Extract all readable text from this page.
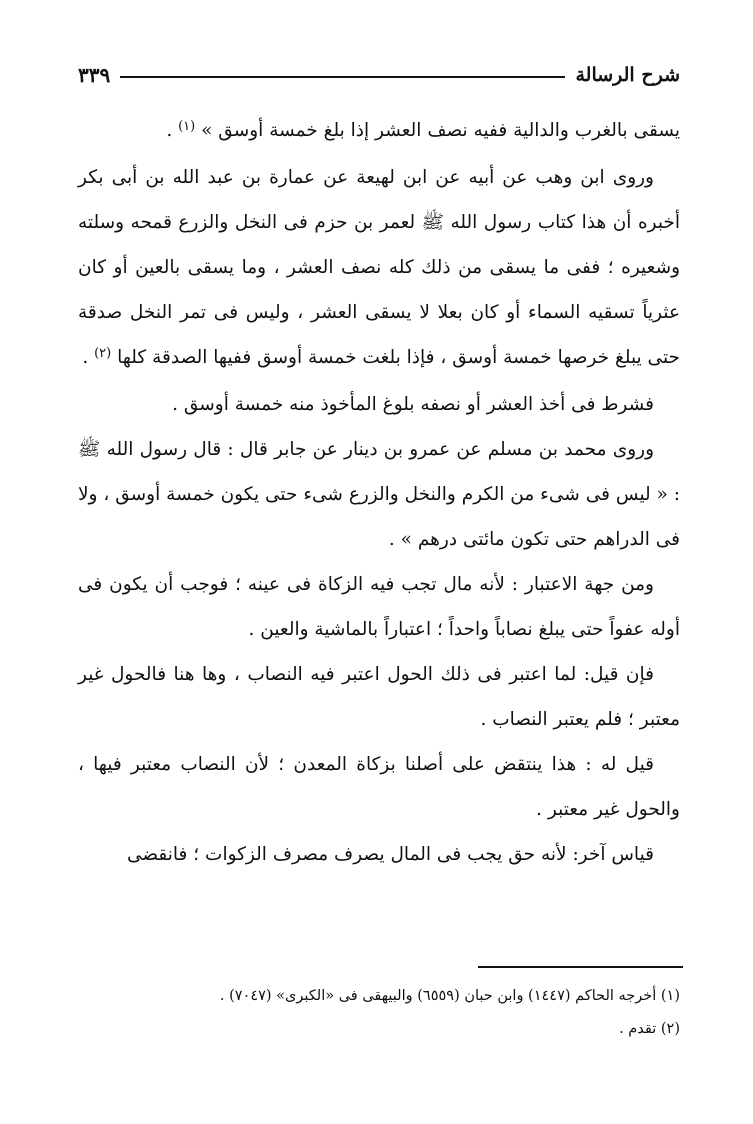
شرح الرسالة
٣٣٩

يسقى بالغرب والدالية ففيه نصف العشر إذا بلغ خمسة أوسق » $^{(١)}$ .

وروى ابن وهب عن أبيه عن ابن لهيعة عن عمارة بن عبد الله بن أبى بكر أخبره أن هذا كتاب رسول الله ﷺ لعمر بن حزم فى النخل والزرع قمحه وسلته وشعيره ؛ ففى ما يسقى من ذلك كله نصف العشر ، وما يسقى بالعين أو كان عثرياً تسقيه السماء أو كان بعلا لا يسقى العشر ، وليس فى تمر النخل صدقة حتى يبلغ خرصها خمسة أوسق ، فإذا بلغت خمسة أوسق ففيها الصدقة كلها $^{(٢)}$ .

فشرط فى أخذ العشر أو نصفه بلوغ المأخوذ منه خمسة أوسق .

وروى محمد بن مسلم عن عمرو بن دينار عن جابر قال : قال رسول الله ﷺ : « ليس فى شىء من الكرم والنخل والزرع شىء حتى يكون خمسة أوسق ، ولا فى الدراهم حتى تكون مائتى درهم » .

ومن جهة الاعتبار : لأنه مال تجب فيه الزكاة فى عينه ؛ فوجب أن يكون فى أوله عفواً حتى يبلغ نصاباً واحداً ؛ اعتباراً بالماشية والعين .

فإن قيل: لما اعتبر فى ذلك الحول اعتبر فيه النصاب ، وها هنا فالحول غير معتبر ؛ فلم يعتبر النصاب .

قيل له : هذا ينتقض على أصلنا بزكاة المعدن ؛ لأن النصاب معتبر فيها ، والحول غير معتبر .

قياس آخر: لأنه حق يجب فى المال يصرف مصرف الزكوات ؛ فانقضى

(١) أخرجه الحاكم (١٤٤٧) وابن حبان (٦٥٥٩) والبيهقى فى «الكبرى» (٧٠٤٧) .

(٢) تقدم .
